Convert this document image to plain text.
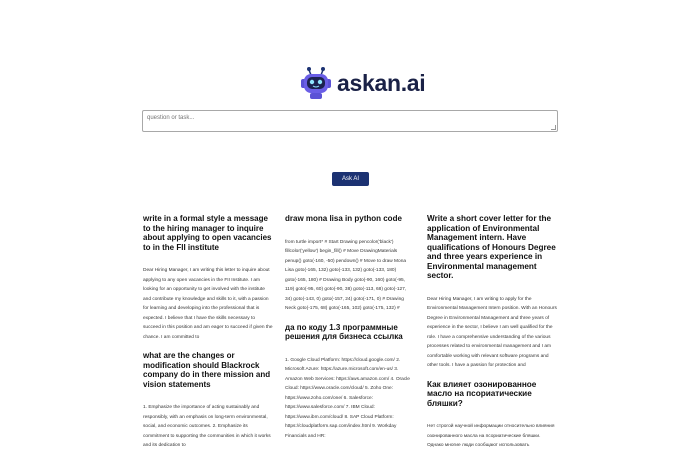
askan.ai
question or task...
Ask AI
write in a formal style a message to the hiring manager to inquire about applying to open vacancies to in the FII institute
Dear Hiring Manager, I am writing this letter to inquire about applying to any open vacancies in the FII Institute. I am looking for an opportunity to get involved with the institute and contribute my knowledge and skills to it, with a passion for learning and developing into the professional that is expected. I believe that I have the skills necessary to succeed in this position and am eager to succeed if given the chance. I am committed to
what are the changes or modification should Blackrock company do in there mission and vision statements
1. Emphasize the importance of acting sustainably and responsibly, with an emphasis on long-term environmental, social, and economic outcomes. 2. Emphasize its commitment to supporting the communities in which it works and its dedication to
draw mona lisa in python code
from turtle import* # Start Drawing pencolor('black') fillcolor('yellow') begin_fill() # Move DrawingMaterials penup() goto(-160, -50) pendown() # Move to draw Mona Lisa goto(-165, 132) goto(-133, 132) goto(-133, 180) goto(-165, 180) # Drawing Body goto(-90, 160) goto(-95, 119) goto(-95, 60) goto(-90, 38) goto(-113, 68) goto(-127, 34) goto(-143, 0) goto(-157, 24) goto(-171, 0) # Drawing Neck goto(-175, 68) goto(-165, 102) goto(-175, 132) #
да по коду 1.3 программные решения для бизнеса ссылка
1. Google Cloud Platform: https://cloud.google.com/ 2. Microsoft Azure: https://azure.microsoft.com/en-us/ 3. Amazon Web Services: https://aws.amazon.com/ 4. Oracle Cloud: https://www.oracle.com/cloud/ 5. Zoho One: https://www.zoho.com/one/ 6. Salesforce: https://www.salesforce.com/ 7. IBM Cloud: https://www.ibm.com/cloud/ 8. SAP Cloud Platform: https://cloudplatform.sap.com/index.html 9. Workday Financials and HR:
Write a short cover letter for the application of Environmental Management intern. Have qualifications of Honours Degree and three years experience in Environmental management sector.
Dear Hiring Manager, I am writing to apply for the Environmental Management Intern position. With an Honours Degree in Environmental Management and three years of experience in the sector, I believe I am well qualified for the role. I have a comprehensive understanding of the various processes related to environmental management and I am comfortable working with relevant software programs and other tools. I have a passion for protection and
Как влияет озонированное масло на псориатические бляшки?
Нет строгой научной информации относительно влияния озонированного масла на псориатические бляшки. Однако многие люди сообщают использовать
